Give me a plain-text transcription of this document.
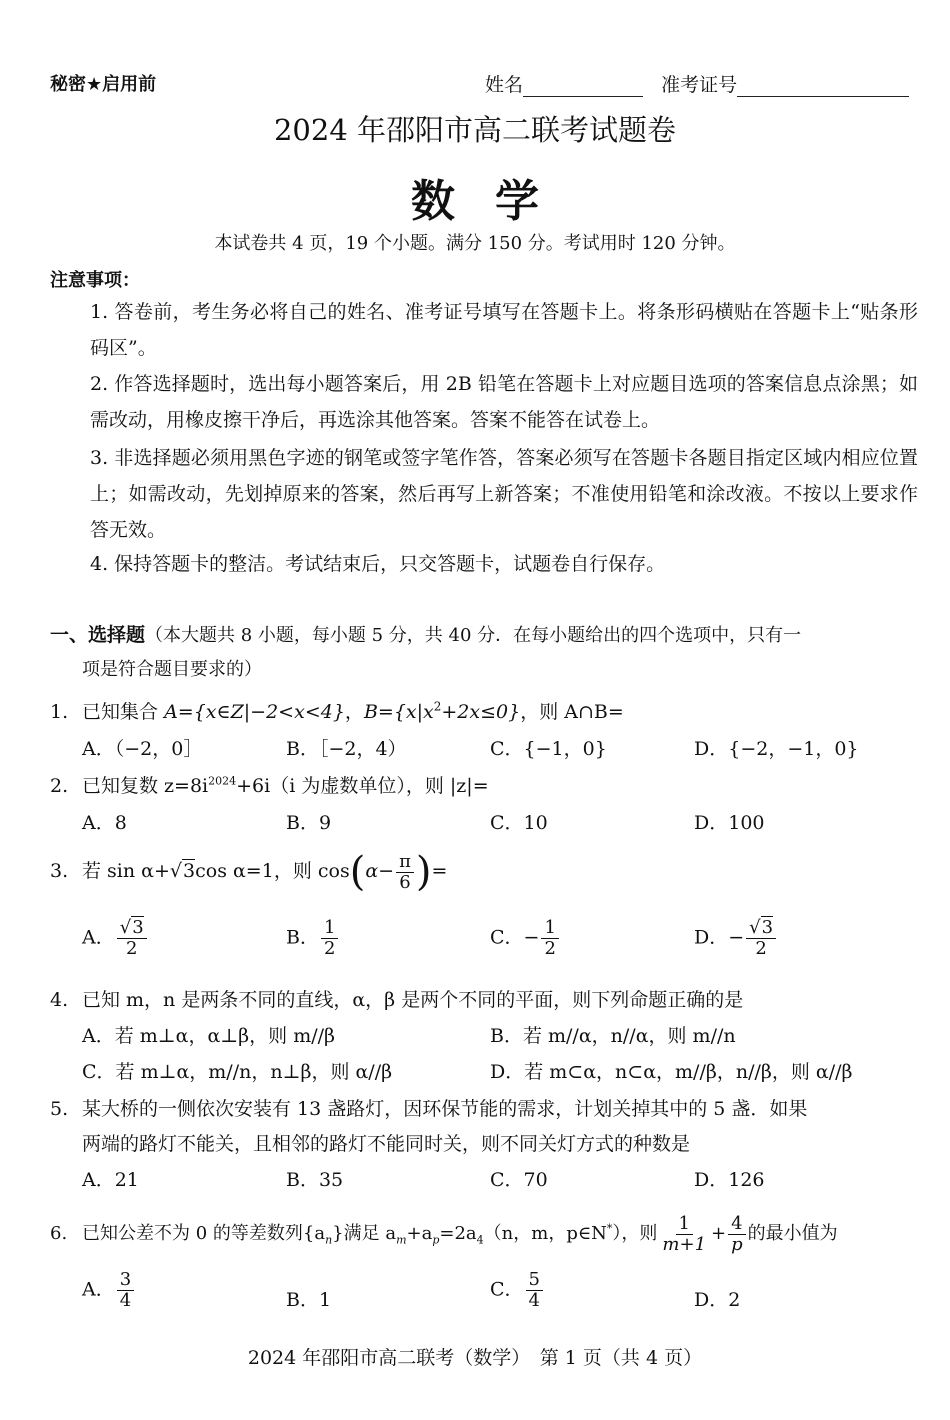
秘密★启用前	姓名	准考证号
2024 年邵阳市高二联考试题卷
数学
本试卷共 4 页，19 个小题。满分 150 分。考试用时 120 分钟。
注意事项：
1. 答卷前，考生务必将自己的姓名、准考证号填写在答题卡上。将条形码横贴在答题卡上“贴条形码区”。
2. 作答选择题时，选出每小题答案后，用 2B 铅笔在答题卡上对应题目选项的答案信息点涂黑；如需改动，用橡皮擦干净后，再选涂其他答案。答案不能答在试卷上。
3. 非选择题必须用黑色字迹的钢笔或签字笔作答，答案必须写在答题卡各题目指定区域内相应位置上；如需改动，先划掉原来的答案，然后再写上新答案；不准使用铅笔和涂改液。不按以上要求作答无效。
4. 保持答题卡的整洁。考试结束后，只交答题卡，试题卷自行保存。
一、选择题（本大题共 8 小题，每小题 5 分，共 40 分．在每小题给出的四个选项中，只有一
项是符合题目要求的）
1. 已知集合 A={x∈Z|−2<x<4}，$B=\{x|x^2+2x\le 0\}$，则 A∩B=
A．（−2，0］	B．［−2，4）	C．{−1，0}	D．{−2，−1，0}
2. 已知复数 $z=8i^{2024}+6i(i$ 为虚数单位），则 |z|=
A．8	B．9	C．10	D．100
3. 若 sin α+√3cos α=1，则 $\cos(\alpha- \frac{\pi}{6}$ )=
A． $\frac{√3}{2}$	B． $\frac{1}{2}$	C．− $\frac{1}{2}$	D．− $\frac{√3}{2}$
4. 已知 m，n 是两条不同的直线，α，β 是两个不同的平面，则下列命题正确的是
A．若 m⊥α，α⊥β，则 m//β	B．若 m//α，n//α，则 m//n
C．若 m⊥α，m//n，n⊥β，则 α//β	D．若 m⊂α，n⊂α，m//β，n//β，则 α//β
5. 某大桥的一侧依次安装有 13 盏路灯，因环保节能的需求，计划关掉其中的 5 盏．如果
两端的路灯不能关，且相邻的路灯不能同时关，则不同关灯方式的种数是
A．21	B．35	C．70	D．126
6. 已知公差不为 0 的等差数列$\{a_n\}$满足 $a_m+a_p=2a_4(n$，m，p∈N*），则 $\frac{1}{m+1} + \frac{4}{p}$ 的最小值为
A． $\frac{3}{4}$	B．1	C． $\frac{5}{4}$	D．2
2024 年邵阳市高二联考（数学）　第 1 页（共 4 页）
